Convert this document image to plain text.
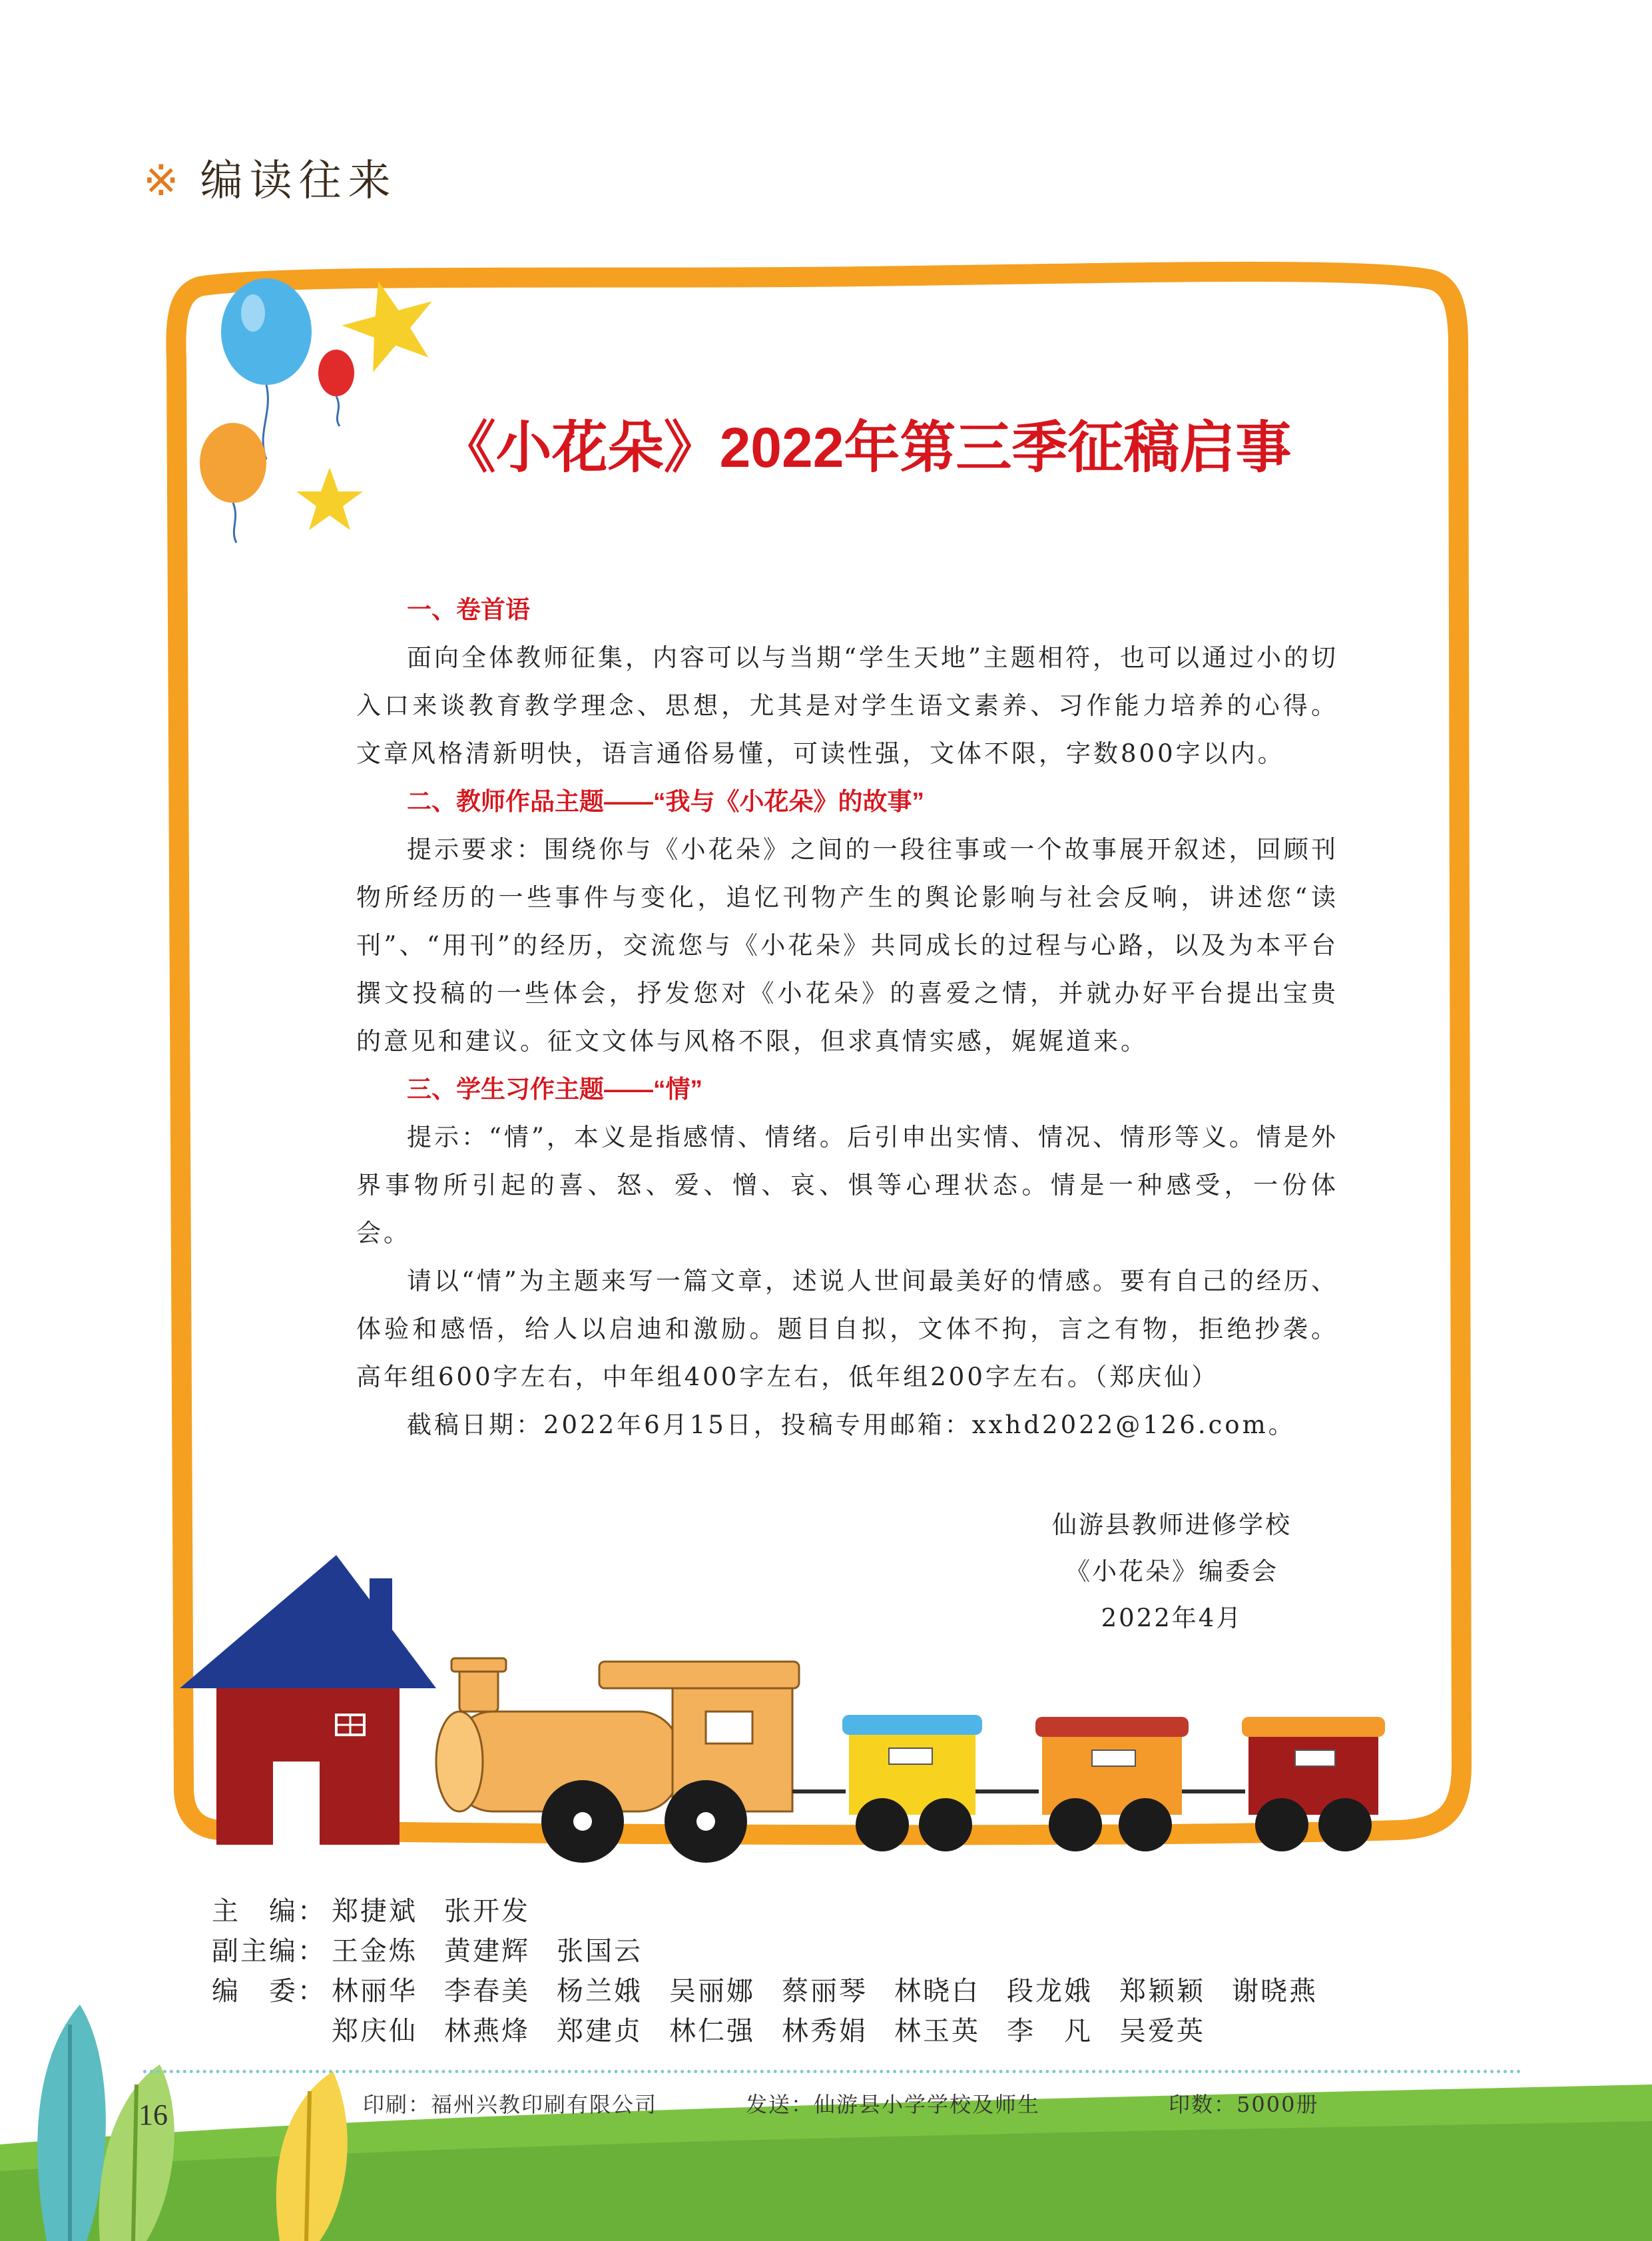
※ 编读往来
《小花朵》2022年第三季征稿启事
一、卷首语

面向全体教师征集，内容可以与当期“学生天地”主题相符，也可以通过小的切入口来谈教育教学理念、思想，尤其是对学生语文素养、习作能力培养的心得。文章风格清新明快，语言通俗易懂，可读性强，文体不限，字数800字以内。

二、教师作品主题——“我与《小花朵》的故事”

提示要求：围绕你与《小花朵》之间的一段往事或一个故事展开叙述，回顾刊物所经历的一些事件与变化，追忆刊物产生的舆论影响与社会反响，讲述您“读刊”、“用刊”的经历，交流您与《小花朵》共同成长的过程与心路，以及为本平台撰文投稿的一些体会，抒发您对《小花朵》的喜爱之情，并就办好平台提出宝贵的意见和建议。征文文体与风格不限，但求真情实感，娓娓道来。

三、学生习作主题——“情”

提示：“情”，本义是指感情、情绪。后引申出实情、情况、情形等义。情是外界事物所引起的喜、怒、爱、憎、哀、惧等心理状态。情是一种感受，一份体会。

请以“情”为主题来写一篇文章，述说人世间最美好的情感。要有自己的经历、体验和感悟，给人以启迪和激励。题目自拟，文体不拘，言之有物，拒绝抄袭。高年组600字左右，中年组400字左右，低年组200字左右。（郑庆仙）

截稿日期：2022年6月15日，投稿专用邮箱：xxhd2022@126.com。

仙游县教师进修学校
《小花朵》编委会
2022年4月
主　编： 郑捷斌 张开发
副主编： 王金炼 黄建辉 张国云
编　委： 林丽华 李春美 杨兰娥 吴丽娜 蔡丽琴 林晓白 段龙娥 郑颖颖 谢晓燕
郑庆仙 林燕烽 郑建贞 林仁强 林秀娟 林玉英 李　凡 吴爱英
16	印刷：福州兴教印刷有限公司	发送：仙游县小学学校及师生	印数：5000册
